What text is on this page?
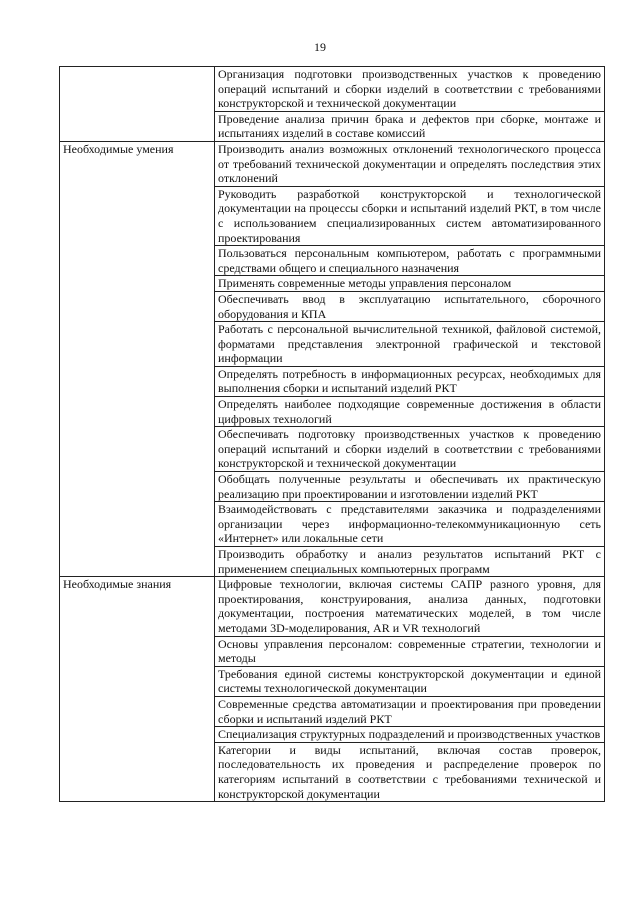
19
	Организация подготовки производственных участков к проведению операций испытаний и сборки изделий в соответствии с требованиями конструкторской и технической документации
	Проведение анализа причин брака и дефектов при сборке, монтаже и испытаниях изделий в составе комиссий
Необходимые умения	Производить анализ возможных отклонений технологического процесса от требований технической документации и определять последствия этих отклонений
	Руководить разработкой конструкторской и технологической документации на процессы сборки и испытаний изделий РКТ, в том числе с использованием специализированных систем автоматизированного проектирования
	Пользоваться персональным компьютером, работать с программными средствами общего и специального назначения
	Применять современные методы управления персоналом
	Обеспечивать ввод в эксплуатацию испытательного, сборочного оборудования и КПА
	Работать с персональной вычислительной техникой, файловой системой, форматами представления электронной графической и текстовой информации
	Определять потребность в информационных ресурсах, необходимых для выполнения сборки и испытаний изделий РКТ
	Определять наиболее подходящие современные достижения в области цифровых технологий
	Обеспечивать подготовку производственных участков к проведению операций испытаний и сборки изделий в соответствии с требованиями конструкторской и технической документации
	Обобщать полученные результаты и обеспечивать их практическую реализацию при проектировании и изготовлении изделий РКТ
	Взаимодействовать с представителями заказчика и подразделениями организации через информационно-телекоммуникационную сеть «Интернет» или локальные сети
	Производить обработку и анализ результатов испытаний РКТ с применением специальных компьютерных программ
Необходимые знания	Цифровые технологии, включая системы САПР разного уровня, для проектирования, конструирования, анализа данных, подготовки документации, построения математических моделей, в том числе методами 3D-моделирования, AR и VR технологий
	Основы управления персоналом: современные стратегии, технологии и методы
	Требования единой системы конструкторской документации и единой системы технологической документации
	Современные средства автоматизации и проектирования при проведении сборки и испытаний изделий РКТ
	Специализация структурных подразделений и производственных участков
	Категории и виды испытаний, включая состав проверок, последовательность их проведения и распределение проверок по категориям испытаний в соответствии с требованиями технической и конструкторской документации
